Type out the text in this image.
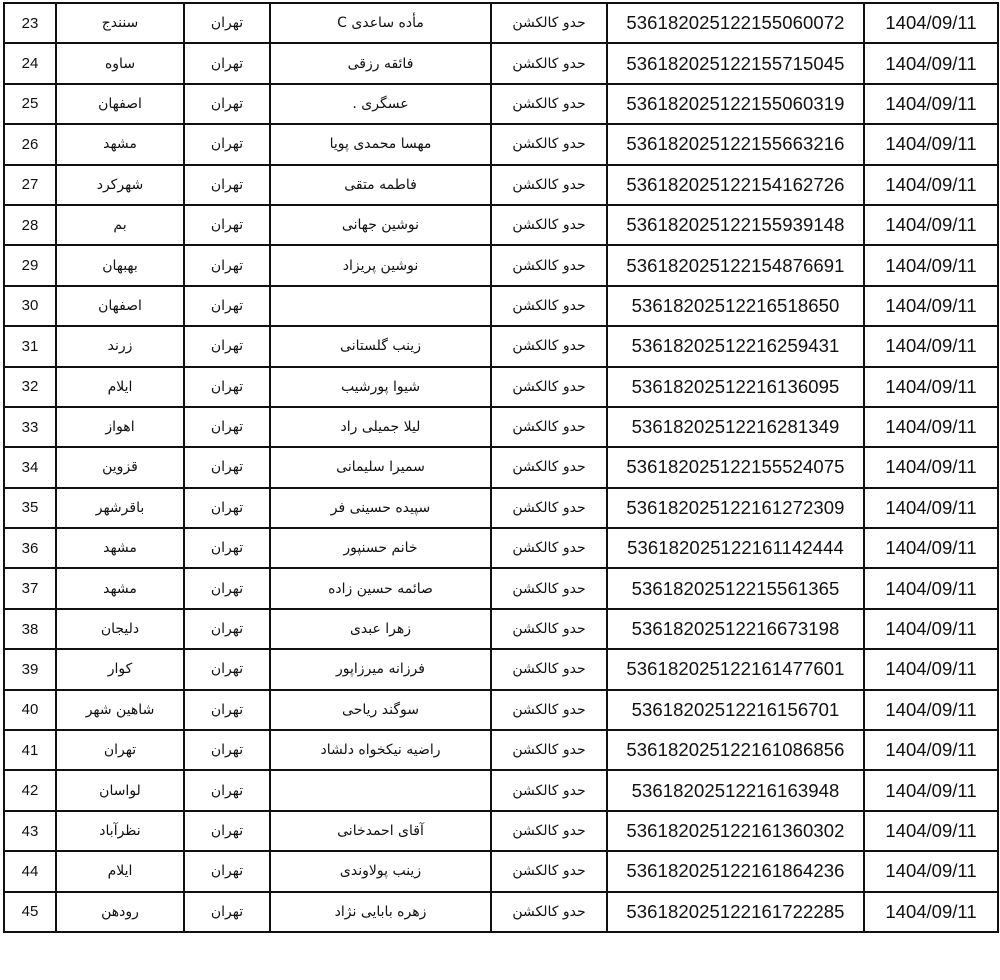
23	سنندج	تهران	مأده ساعدی C	حدو کالکشن	536182025122155060072	1404/09/11
24	ساوه	تهران	فائقه رزقی	حدو کالکشن	536182025122155715045	1404/09/11
25	اصفهان	تهران	عسگری .	حدو کالکشن	536182025122155060319	1404/09/11
26	مشهد	تهران	مهسا محمدی پویا	حدو کالکشن	536182025122155663216	1404/09/11
27	شهرکرد	تهران	فاطمه متقی	حدو کالکشن	536182025122154162726	1404/09/11
28	بم	تهران	نوشین جهانی	حدو کالکشن	536182025122155939148	1404/09/11
29	بهبهان	تهران	نوشین پریزاد	حدو کالکشن	536182025122154876691	1404/09/11
30	اصفهان	تهران		حدو کالکشن	53618202512216518650	1404/09/11
31	زرند	تهران	زینب گلستانی	حدو کالکشن	53618202512216259431	1404/09/11
32	ایلام	تهران	شیوا پورشیب	حدو کالکشن	53618202512216136095	1404/09/11
33	اهواز	تهران	لیلا جمیلی راد	حدو کالکشن	53618202512216281349	1404/09/11
34	قزوین	تهران	سمیرا سلیمانی	حدو کالکشن	536182025122155524075	1404/09/11
35	باقرشهر	تهران	سپیده حسینی فر	حدو کالکشن	536182025122161272309	1404/09/11
36	مشهد	تهران	خانم حسنپور	حدو کالکشن	536182025122161142444	1404/09/11
37	مشهد	تهران	صائمه حسین زاده	حدو کالکشن	53618202512215561365	1404/09/11
38	دلیجان	تهران	زهرا عبدی	حدو کالکشن	53618202512216673198	1404/09/11
39	کوار	تهران	فرزانه میرزاپور	حدو کالکشن	536182025122161477601	1404/09/11
40	شاهین شهر	تهران	سوگند ریاحی	حدو کالکشن	53618202512216156701	1404/09/11
41	تهران	تهران	راضیه نیکخواه دلشاد	حدو کالکشن	536182025122161086856	1404/09/11
42	لواسان	تهران		حدو کالکشن	53618202512216163948	1404/09/11
43	نظرآباد	تهران	آقای احمدخانی	حدو کالکشن	536182025122161360302	1404/09/11
44	ایلام	تهران	زینب پولاوندی	حدو کالکشن	536182025122161864236	1404/09/11
45	رودهن	تهران	زهره بابایی نژاد	حدو کالکشن	536182025122161722285	1404/09/11
